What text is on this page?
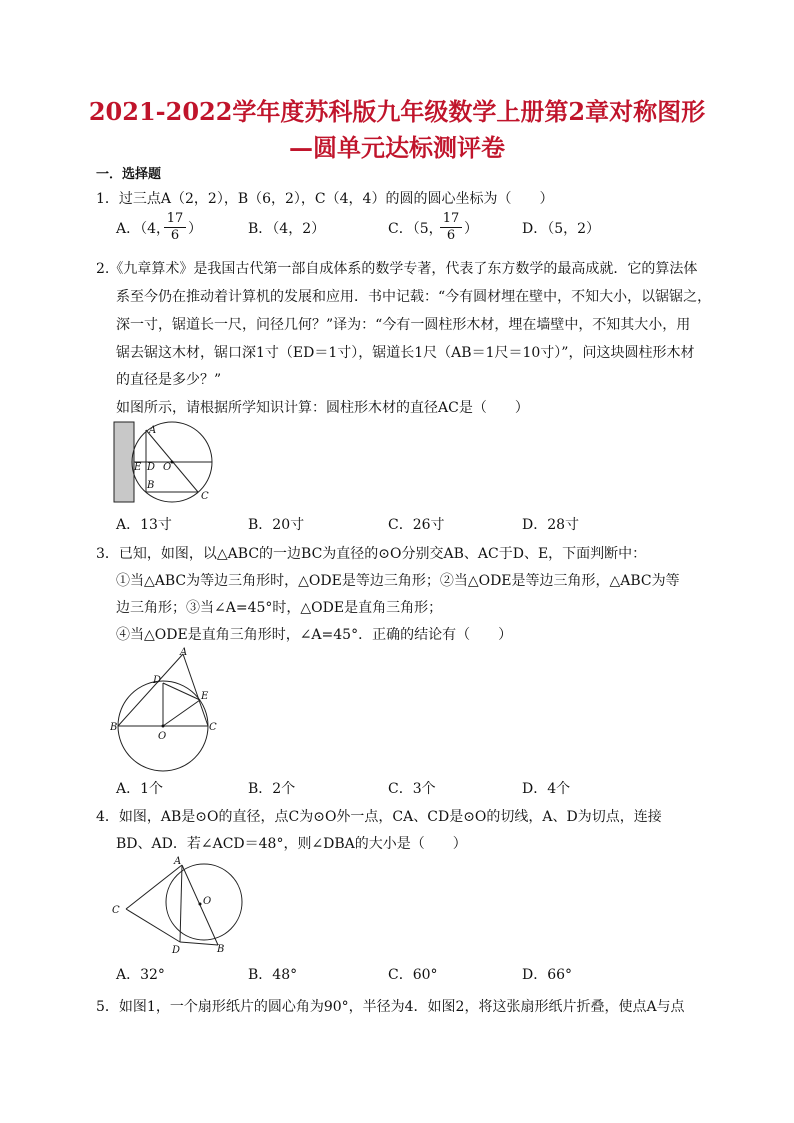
2021-2022学年度苏科版九年级数学上册第2章对称图形
—圆单元达标测评卷
一．选择题
1．过三点A（2，2），B（6，2），C（4，4）的圆的圆心坐标为（　　）
A．（4，
$\frac{17}{6}$ ）	B．（4，2）	C．（5，
$\frac{17}{6}$ ）	D．（5，2）
2.《九章算术》是我国古代第一部自成体系的数学专著，代表了东方数学的最高成就．它的算法体
系至今仍在推动着计算机的发展和应用．书中记载：“今有圆材埋在壁中，不知大小，以锯锯之，
深一寸，锯道长一尺，问径几何？”译为：“今有一圆柱形木材，埋在墙壁中，不知其大小，用
锯去锯这木材，锯口深1寸（ED＝1寸），锯道长1尺（AB＝1尺＝10寸）”，问这块圆柱形木材
的直径是多少？”
如图所示，请根据所学知识计算：圆柱形木材的直径AC是（　　）
A
E D O
B
C
A．13寸	B．20寸	C．26寸	D．28寸
3．已知，如图，以△ABC的一边BC为直径的⊙O分别交AB、AC于D、E，下面判断中：
①当△ABC为等边三角形时，△ODE是等边三角形；②当△ODE是等边三角形，△ABC为等
边三角形；③当∠A=45°时，△ODE是直角三角形；
④当△ODE是直角三角形时，∠A=45°．正确的结论有（　　）
A
D
E
B
O
C
A．1个	B．2个	C．3个	D．4个
4．如图，AB是⊙O的直径，点C为⊙O外一点，CA、CD是⊙O的切线，A、D为切点，连接
BD、AD．若∠ACD＝48°，则∠DBA的大小是（　　）
A
O
C
D	B
A．32°	B．48°	C．60°	D．66°
5．如图1，一个扇形纸片的圆心角为90°，半径为4．如图2，将这张扇形纸片折叠，使点A与点
